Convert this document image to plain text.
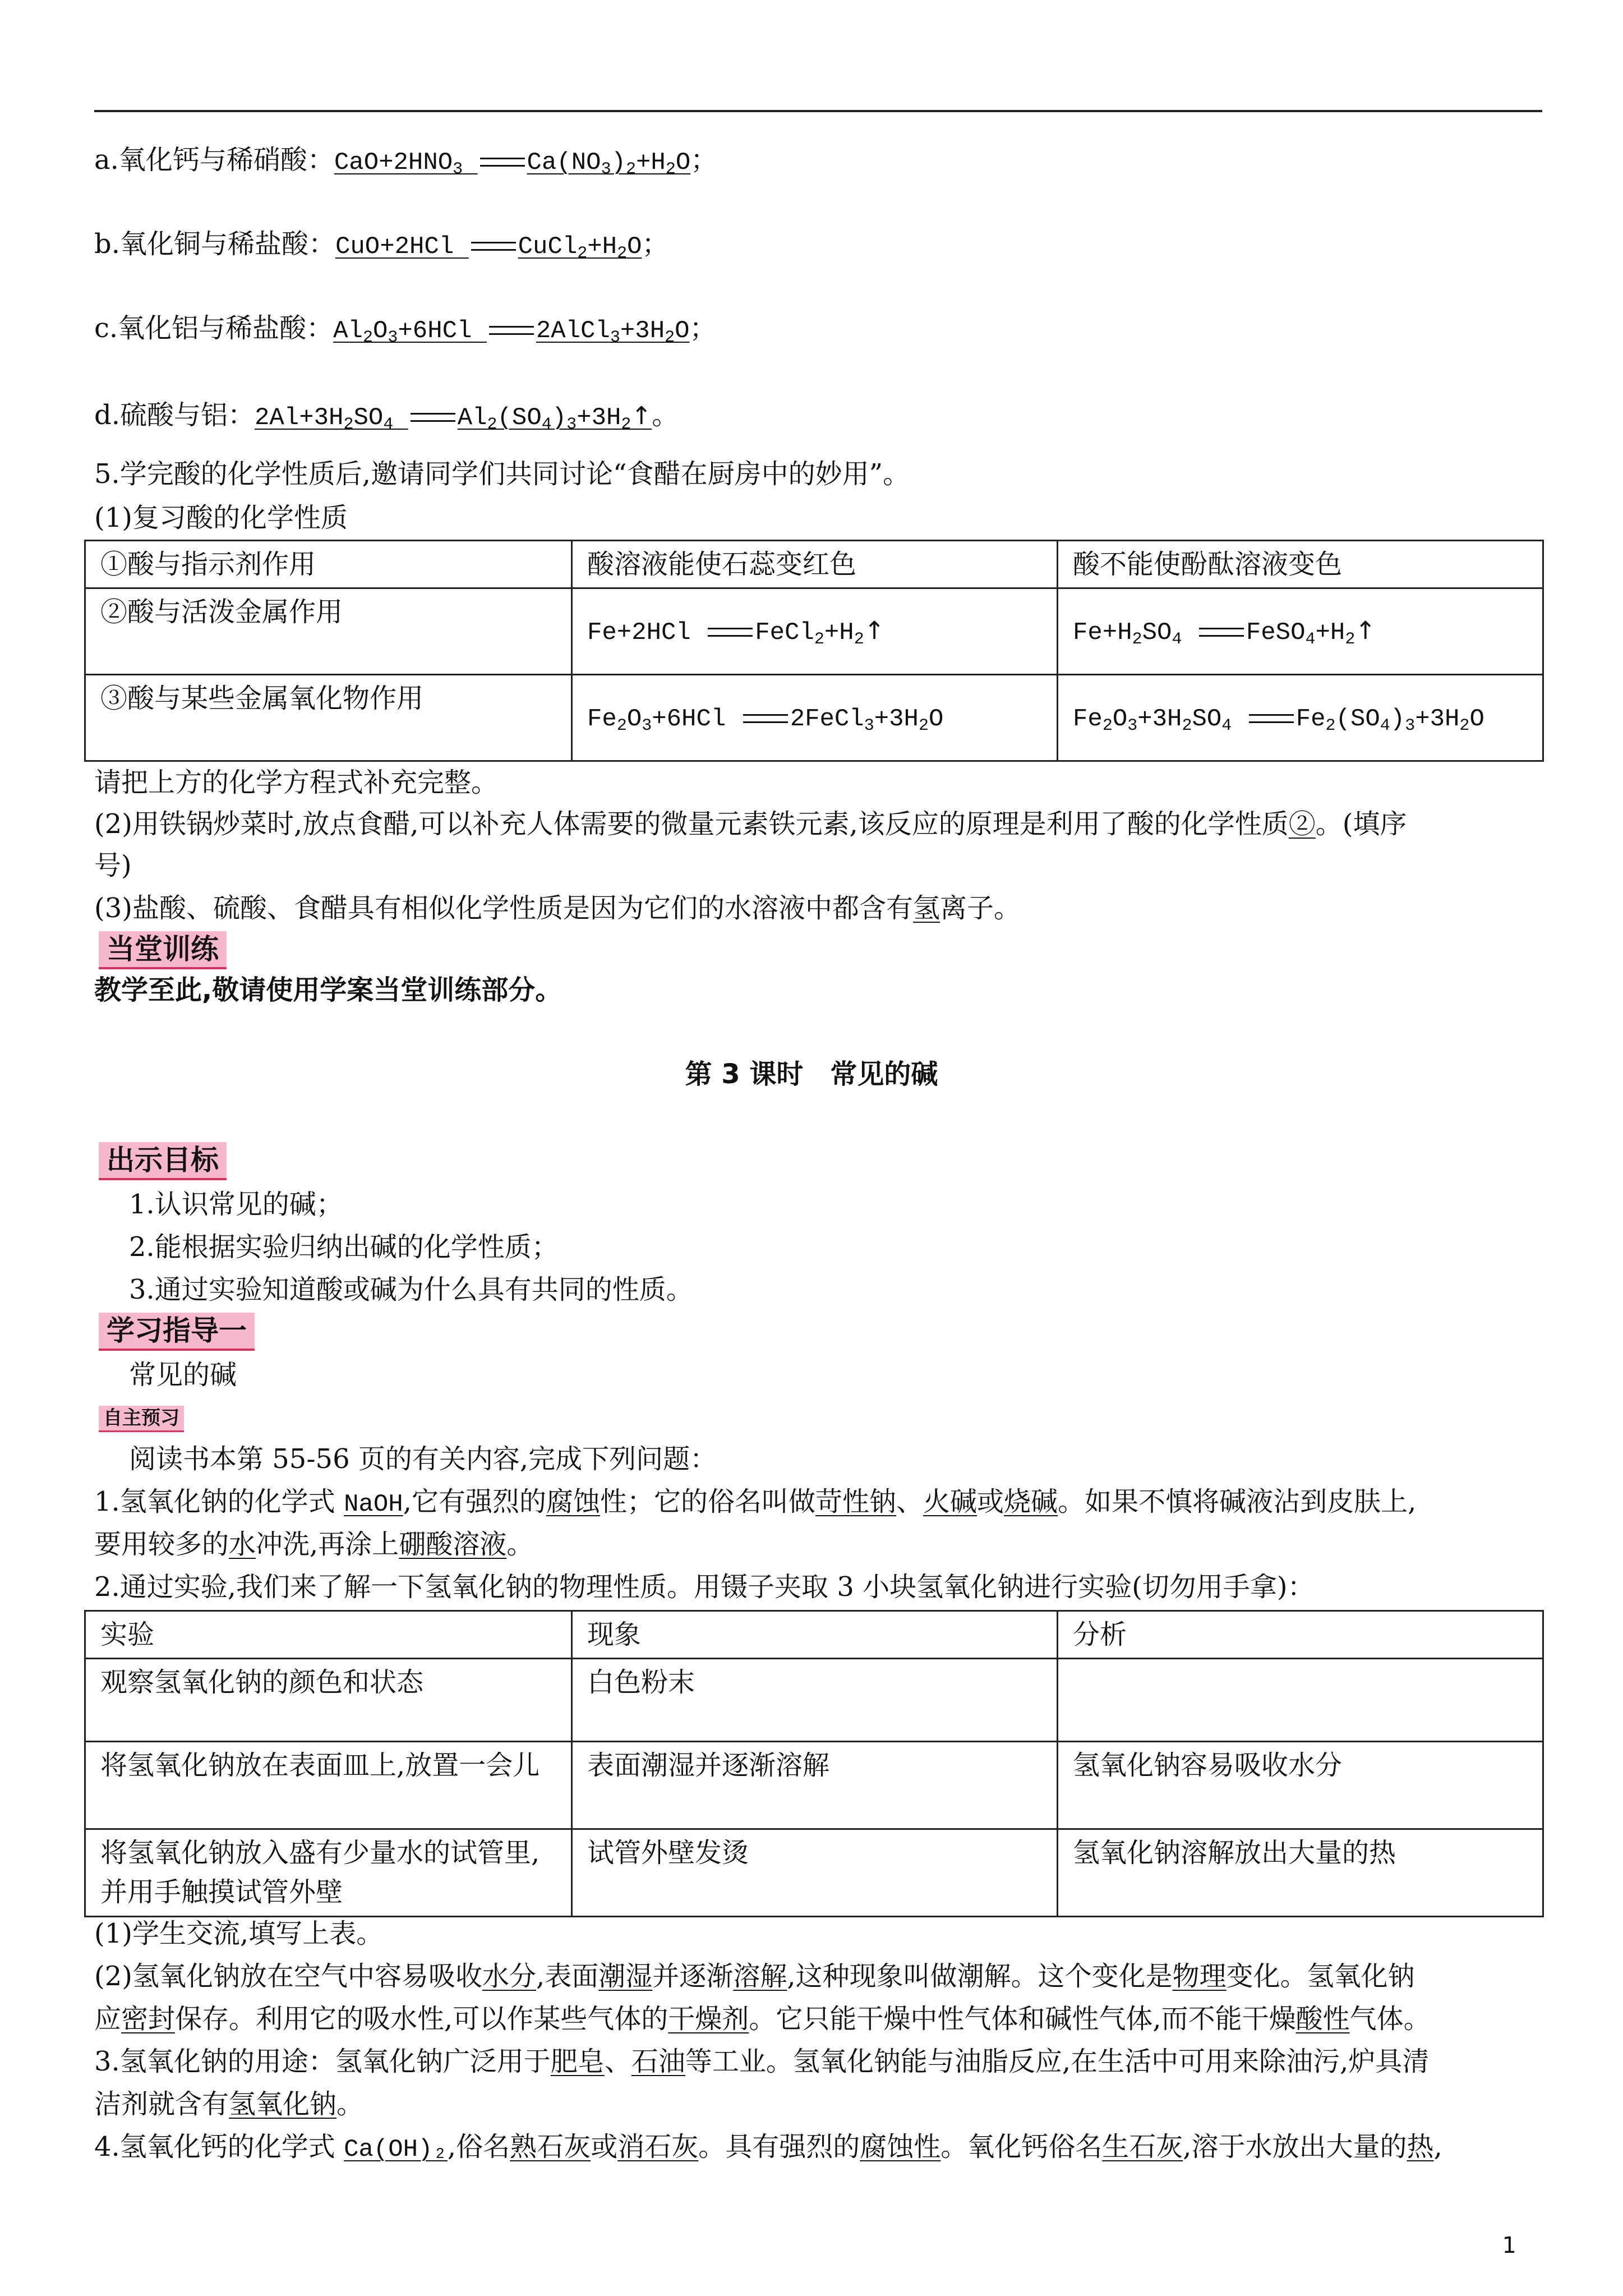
a.氧化钙与稀硝酸：$CaO+2HNO_3$	$Ca(NO_3)_2+H_2O$；
b.氧化铜与稀盐酸：CuO+2HCl $CuCl_2+H_2O$；
c.氧化铝与稀盐酸：$Al_2O_3+6HCl$ $2AlCl_3+3H_2O$；
d.硫酸与铝：$2Al+3H_2SO_4$	$Al_2(SO_4)_3+3H_2↑$。
5.学完酸的化学性质后,邀请同学们共同讨论“食醋在厨房中的妙用”。
(1)复习酸的化学性质
①酸与指示剂作用	酸溶液能使石蕊变红色	酸不能使酚酞溶液变色
②酸与活泼金属作用	Fe+2HCl $FeCl_2+H_2↑$	$Fe+H_2SO_4$ $FeSO_4+H_2↑$
③酸与某些金属氧化物作用	$Fe_2O_3+6HCl$ $2FeCl_3+3H_2O$	$Fe_2O_3+3H_2SO_4$ $Fe_2(SO_4)_3+3H_2O$
请把上方的化学方程式补充完整。
(2)用铁锅炒菜时,放点食醋,可以补充人体需要的微量元素铁元素,该反应的原理是利用了酸的化学性质②。(填序
号)
(3)盐酸、硫酸、食醋具有相似化学性质是因为它们的水溶液中都含有氢离子。
当堂训练
教学至此,敬请使用学案当堂训练部分。
第 3 课时　常见的碱
出示目标
1.认识常见的碱；
2.能根据实验归纳出碱的化学性质；
3.通过实验知道酸或碱为什么具有共同的性质。
学习指导一
常见的碱
自主预习
阅读书本第 55-56 页的有关内容,完成下列问题：
1.氢氧化钠的化学式 NaOH,它有强烈的腐蚀性；它的俗名叫做苛性钠、火碱或烧碱。如果不慎将碱液沾到皮肤上,
要用较多的水冲洗,再涂上硼酸溶液。
2.通过实验,我们来了解一下氢氧化钠的物理性质。用镊子夹取 3 小块氢氧化钠进行实验(切勿用手拿)：
实验	现象	分析
观察氢氧化钠的颜色和状态	白色粉末	
将氢氧化钠放在表面皿上,放置一会儿	表面潮湿并逐渐溶解	氢氧化钠容易吸收水分
将氢氧化钠放入盛有少量水的试管里,并用手触摸试管外壁	试管外壁发烫	氢氧化钠溶解放出大量的热
(1)学生交流,填写上表。
(2)氢氧化钠放在空气中容易吸收水分,表面潮湿并逐渐溶解,这种现象叫做潮解。这个变化是物理变化。氢氧化钠
应密封保存。利用它的吸水性,可以作某些气体的干燥剂。它只能干燥中性气体和碱性气体,而不能干燥酸性气体。
3.氢氧化钠的用途：氢氧化钠广泛用于肥皂、石油等工业。氢氧化钠能与油脂反应,在生活中可用来除油污,炉具清
洁剂就含有氢氧化钠。
4.氢氧化钙的化学式 Ca(OH)₂,俗名熟石灰或消石灰。具有强烈的腐蚀性。氧化钙俗名生石灰,溶于水放出大量的热,
1
